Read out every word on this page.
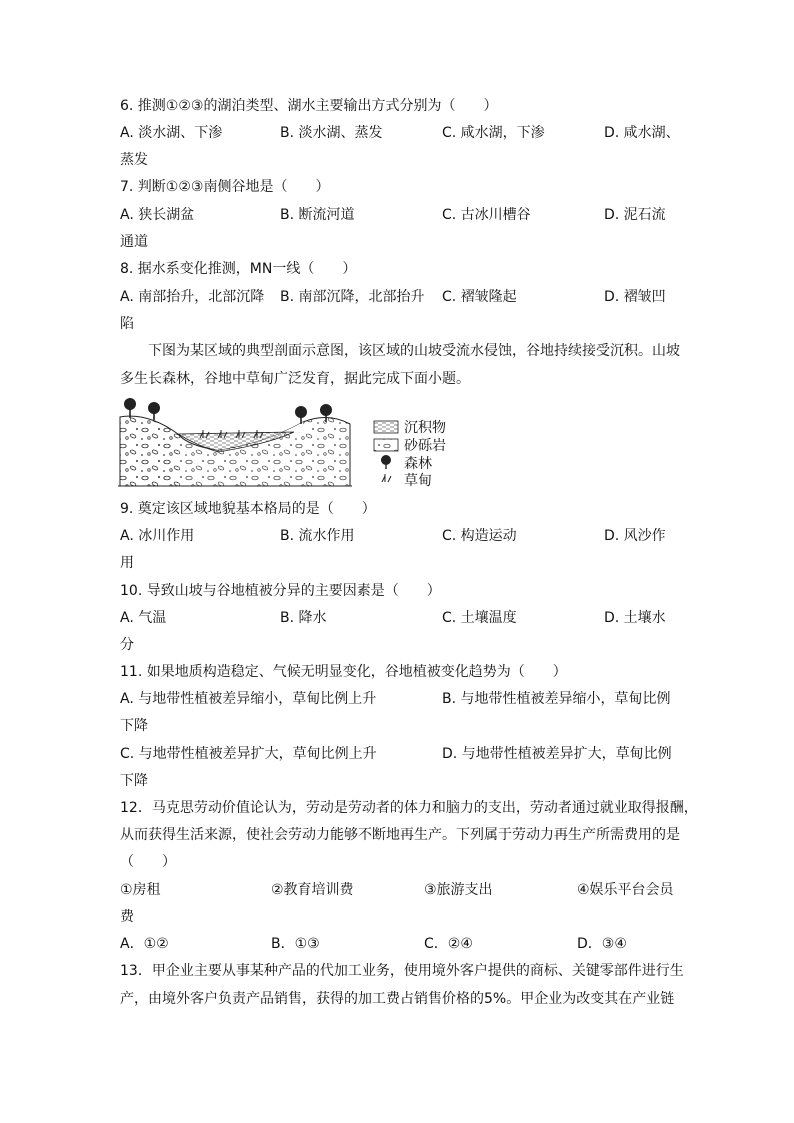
6. 推测①②③的湖泊类型、湖水主要输出方式分别为（　　）
A. 淡水湖、下渗	B. 淡水湖、蒸发	C. 咸水湖，下渗	D. 咸水湖、
蒸发
7. 判断①②③南侧谷地是（　　）
A. 狭长湖盆	B. 断流河道	C. 古冰川槽谷	D. 泥石流
通道
8. 据水系变化推测，MN一线（　　）
A. 南部抬升，北部沉降 B. 南部沉降，北部抬升 C. 褶皱隆起	D. 褶皱凹
陷
下图为某区域的典型剖面示意图，该区域的山坡受流水侵蚀，谷地持续接受沉积。山坡
多生长森林，谷地中草甸广泛发育，据此完成下面小题。
沉积物
砂砾岩
森林
草甸
9. 奠定该区域地貌基本格局的是（　　）
A. 冰川作用	B. 流水作用	C. 构造运动	D. 风沙作
用
10. 导致山坡与谷地植被分异的主要因素是（　　）
A. 气温	B. 降水	C. 土壤温度	D. 土壤水
分
11. 如果地质构造稳定、气候无明显变化，谷地植被变化趋势为（　　）
A. 与地带性植被差异缩小，草甸比例上升	B. 与地带性植被差异缩小，草甸比例
下降
C. 与地带性植被差异扩大，草甸比例上升	D. 与地带性植被差异扩大，草甸比例
下降
12．马克思劳动价值论认为，劳动是劳动者的体力和脑力的支出，劳动者通过就业取得报酬，
从而获得生活来源，使社会劳动力能够不断地再生产。下列属于劳动力再生产所需费用的是
（　　）
①房租	②教育培训费	③旅游支出	④娱乐平台会员
费
A．①②	B．①③	C．②④	D．③④
13．甲企业主要从事某种产品的代加工业务，使用境外客户提供的商标、关键零部件进行生
产，由境外客户负责产品销售，获得的加工费占销售价格的5%。甲企业为改变其在产业链
